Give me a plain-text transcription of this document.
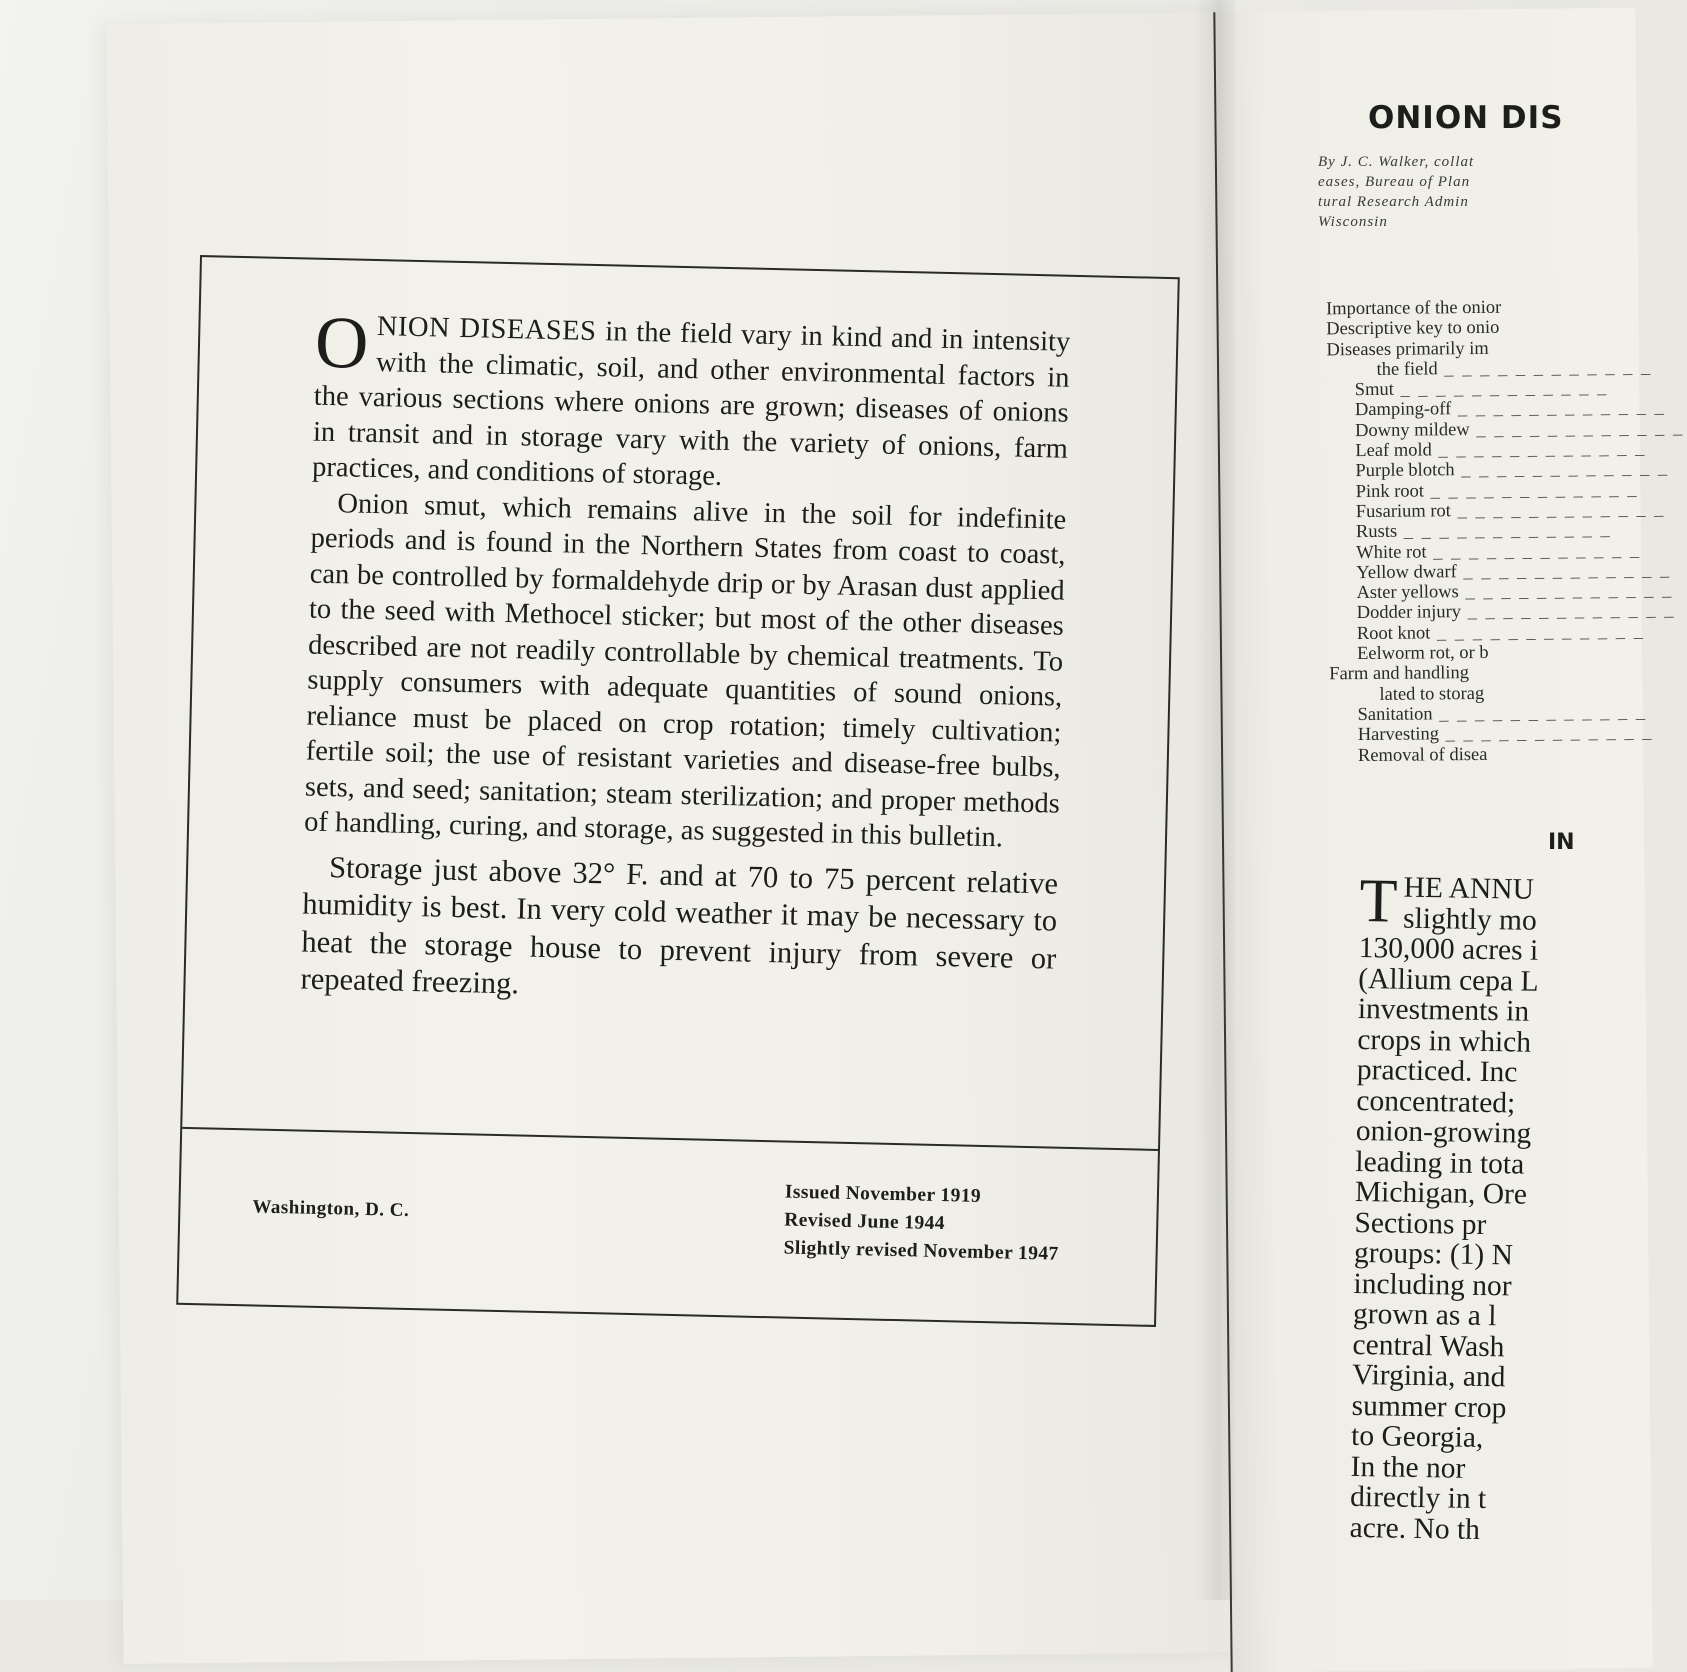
ONION DISEASES in the field vary in kind and in intensity with the climatic, soil, and other environmental factors in the various sections where onions are grown; diseases of onions in transit and in storage vary with the variety of onions, farm practices, and conditions of storage.

Onion smut, which remains alive in the soil for indefinite periods and is found in the Northern States from coast to coast, can be controlled by formaldehyde drip or by Arasan dust applied to the seed with Methocel sticker; but most of the other diseases described are not readily controllable by chemical treatments. To supply consumers with adequate quantities of sound onions, reliance must be placed on crop rotation; timely cultivation; fertile soil; the use of resistant varieties and disease-free bulbs, sets, and seed; sanitation; steam sterilization; and proper methods of handling, curing, and storage, as suggested in this bulletin.

Storage just above 32° F. and at 70 to 75 percent relative humidity is best. In very cold weather it may be necessary to heat the storage house to prevent injury from severe or repeated freezing.

Washington, D. C.
Issued November 1919
Revised June 1944
Slightly revised November 1947
ONION DIS
By J. C. Walker, collat
eases, Bureau of Plan
tural Research Admin
Wisconsin
Importance of the onior
Descriptive key to onio
Diseases primarily im
the field _ _ _ _ _ _ _ _ _ _ _ _
Smut _ _ _ _ _ _ _ _ _ _ _ _
Damping-off _ _ _ _ _ _ _ _ _ _ _ _
Downy mildew _ _ _ _ _ _ _ _ _ _ _ _
Leaf mold _ _ _ _ _ _ _ _ _ _ _ _
Purple blotch _ _ _ _ _ _ _ _ _ _ _ _
Pink root _ _ _ _ _ _ _ _ _ _ _ _
Fusarium rot _ _ _ _ _ _ _ _ _ _ _ _
Rusts _ _ _ _ _ _ _ _ _ _ _ _
White rot _ _ _ _ _ _ _ _ _ _ _ _
Yellow dwarf _ _ _ _ _ _ _ _ _ _ _ _
Aster yellows _ _ _ _ _ _ _ _ _ _ _ _
Dodder injury _ _ _ _ _ _ _ _ _ _ _ _
Root knot _ _ _ _ _ _ _ _ _ _ _ _
Eelworm rot, or b
Farm and handling
lated to storag
Sanitation _ _ _ _ _ _ _ _ _ _ _ _
Harvesting _ _ _ _ _ _ _ _ _ _ _ _
Removal of disea
IN
T HE ANNU
slightly mo
130,000 acres i
(Allium cepa L
investments in
crops in which
practiced. Inc
concentrated;
onion-growing
leading in tota
Michigan, Ore
Sections pr
groups: (1) N
including nor
grown as a l
central Wash
Virginia, and
summer crop
to Georgia,
In the nor
directly in t
acre. No th
